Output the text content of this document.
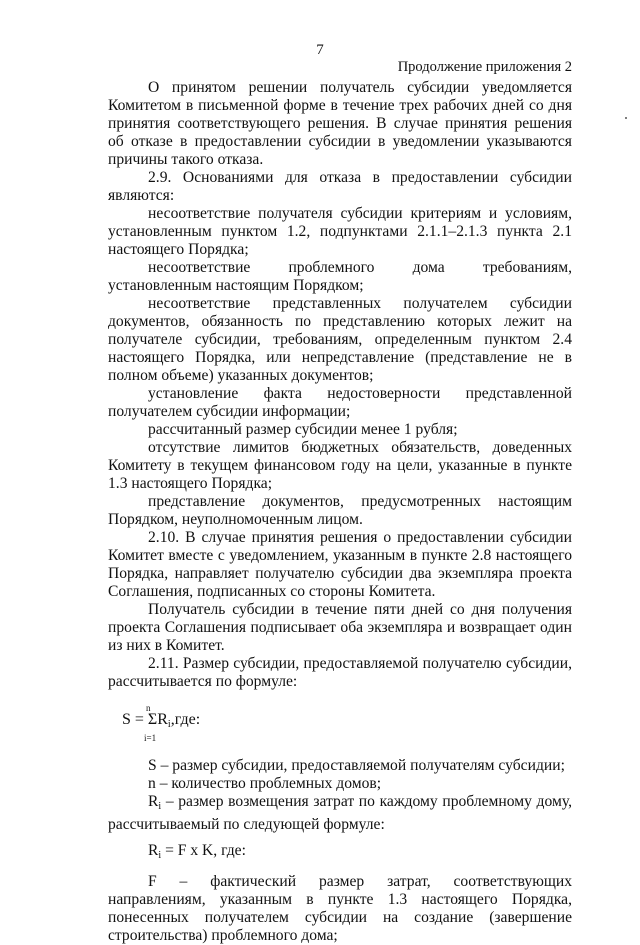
7
Продолжение приложения 2

О принятом решении получатель субсидии уведомляется Комитетом в письменной форме в течение трех рабочих дней со дня принятия соответствующего решения. В случае принятия решения об отказе в предоставлении субсидии в уведомлении указываются причины такого отказа.

2.9. Основаниями для отказа в предоставлении субсидии являются:

несоответствие получателя субсидии критериям и условиям, установленным пунктом 1.2, подпунктами 2.1.1–2.1.3 пункта 2.1 настоящего Порядка;

несоответствие проблемного дома требованиям, установленным настоящим Порядком;

несоответствие представленных получателем субсидии документов, обязанность по представлению которых лежит на получателе субсидии, требованиям, определенным пунктом 2.4 настоящего Порядка, или непредставление (представление не в полном объеме) указанных документов;

установление факта недостоверности представленной получателем субсидии информации;

рассчитанный размер субсидии менее 1 рубля;

отсутствие лимитов бюджетных обязательств, доведенных Комитету в текущем финансовом году на цели, указанные в пункте 1.3 настоящего Порядка;

представление документов, предусмотренных настоящим Порядком, неуполномоченным лицом.

2.10. В случае принятия решения о предоставлении субсидии Комитет вместе с уведомлением, указанным в пункте 2.8 настоящего Порядка, направляет получателю субсидии два экземпляра проекта Соглашения, подписанных со стороны Комитета.

Получатель субсидии в течение пяти дней со дня получения проекта Соглашения подписывает оба экземпляра и возвращает один из них в Комитет.

2.11. Размер субсидии, предоставляемой получателю субсидии, рассчитывается по формуле:

n
$S = \Sigma R_i,где$:
i=1

S – размер субсидии, предоставляемой получателям субсидии;

n – количество проблемных домов;

$R_i$ – размер возмещения затрат по каждому проблемному дому, рассчитываемый по следующей формуле:

$R_i = F$ x K, где:

F – фактический размер затрат, соответствующих направлениям, указанным в пункте 1.3 настоящего Порядка, понесенных получателем субсидии на создание (завершение строительства) проблемного дома;
